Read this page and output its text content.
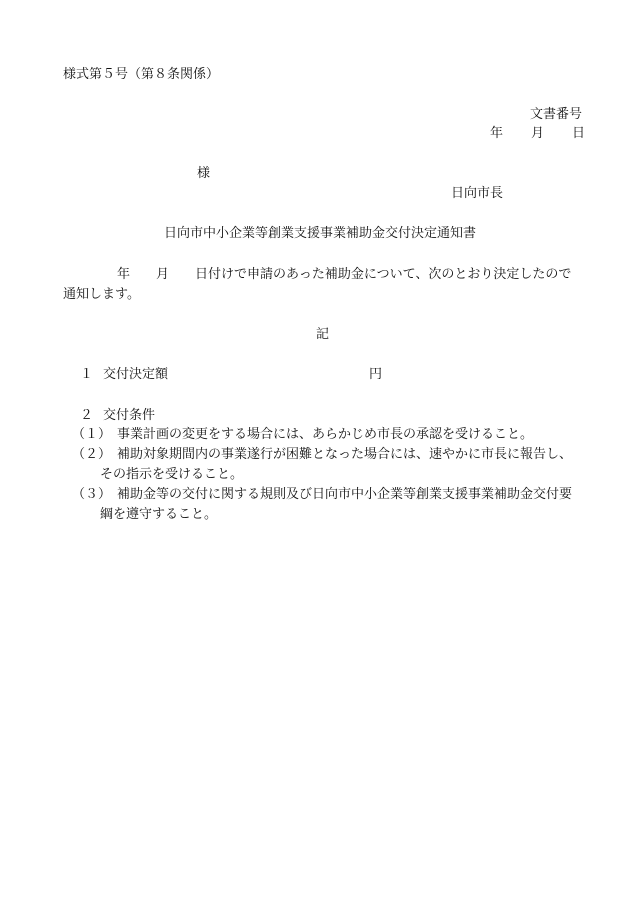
様式第５号（第８条関係）
文書番号
年 月 日
様
日向市長
日向市中小企業等創業支援事業補助金交付決定通知書
年 月 日付けで申請のあった補助金について、次のとおり決定したので
通知します。
記
１ 交付決定額	円
２ 交付条件
（１） 事業計画の変更をする場合には、あらかじめ市長の承認を受けること。
（２） 補助対象期間内の事業遂行が困難となった場合には、速やかに市長に報告し、
その指示を受けること。
（３） 補助金等の交付に関する規則及び日向市中小企業等創業支援事業補助金交付要
綱を遵守すること。
